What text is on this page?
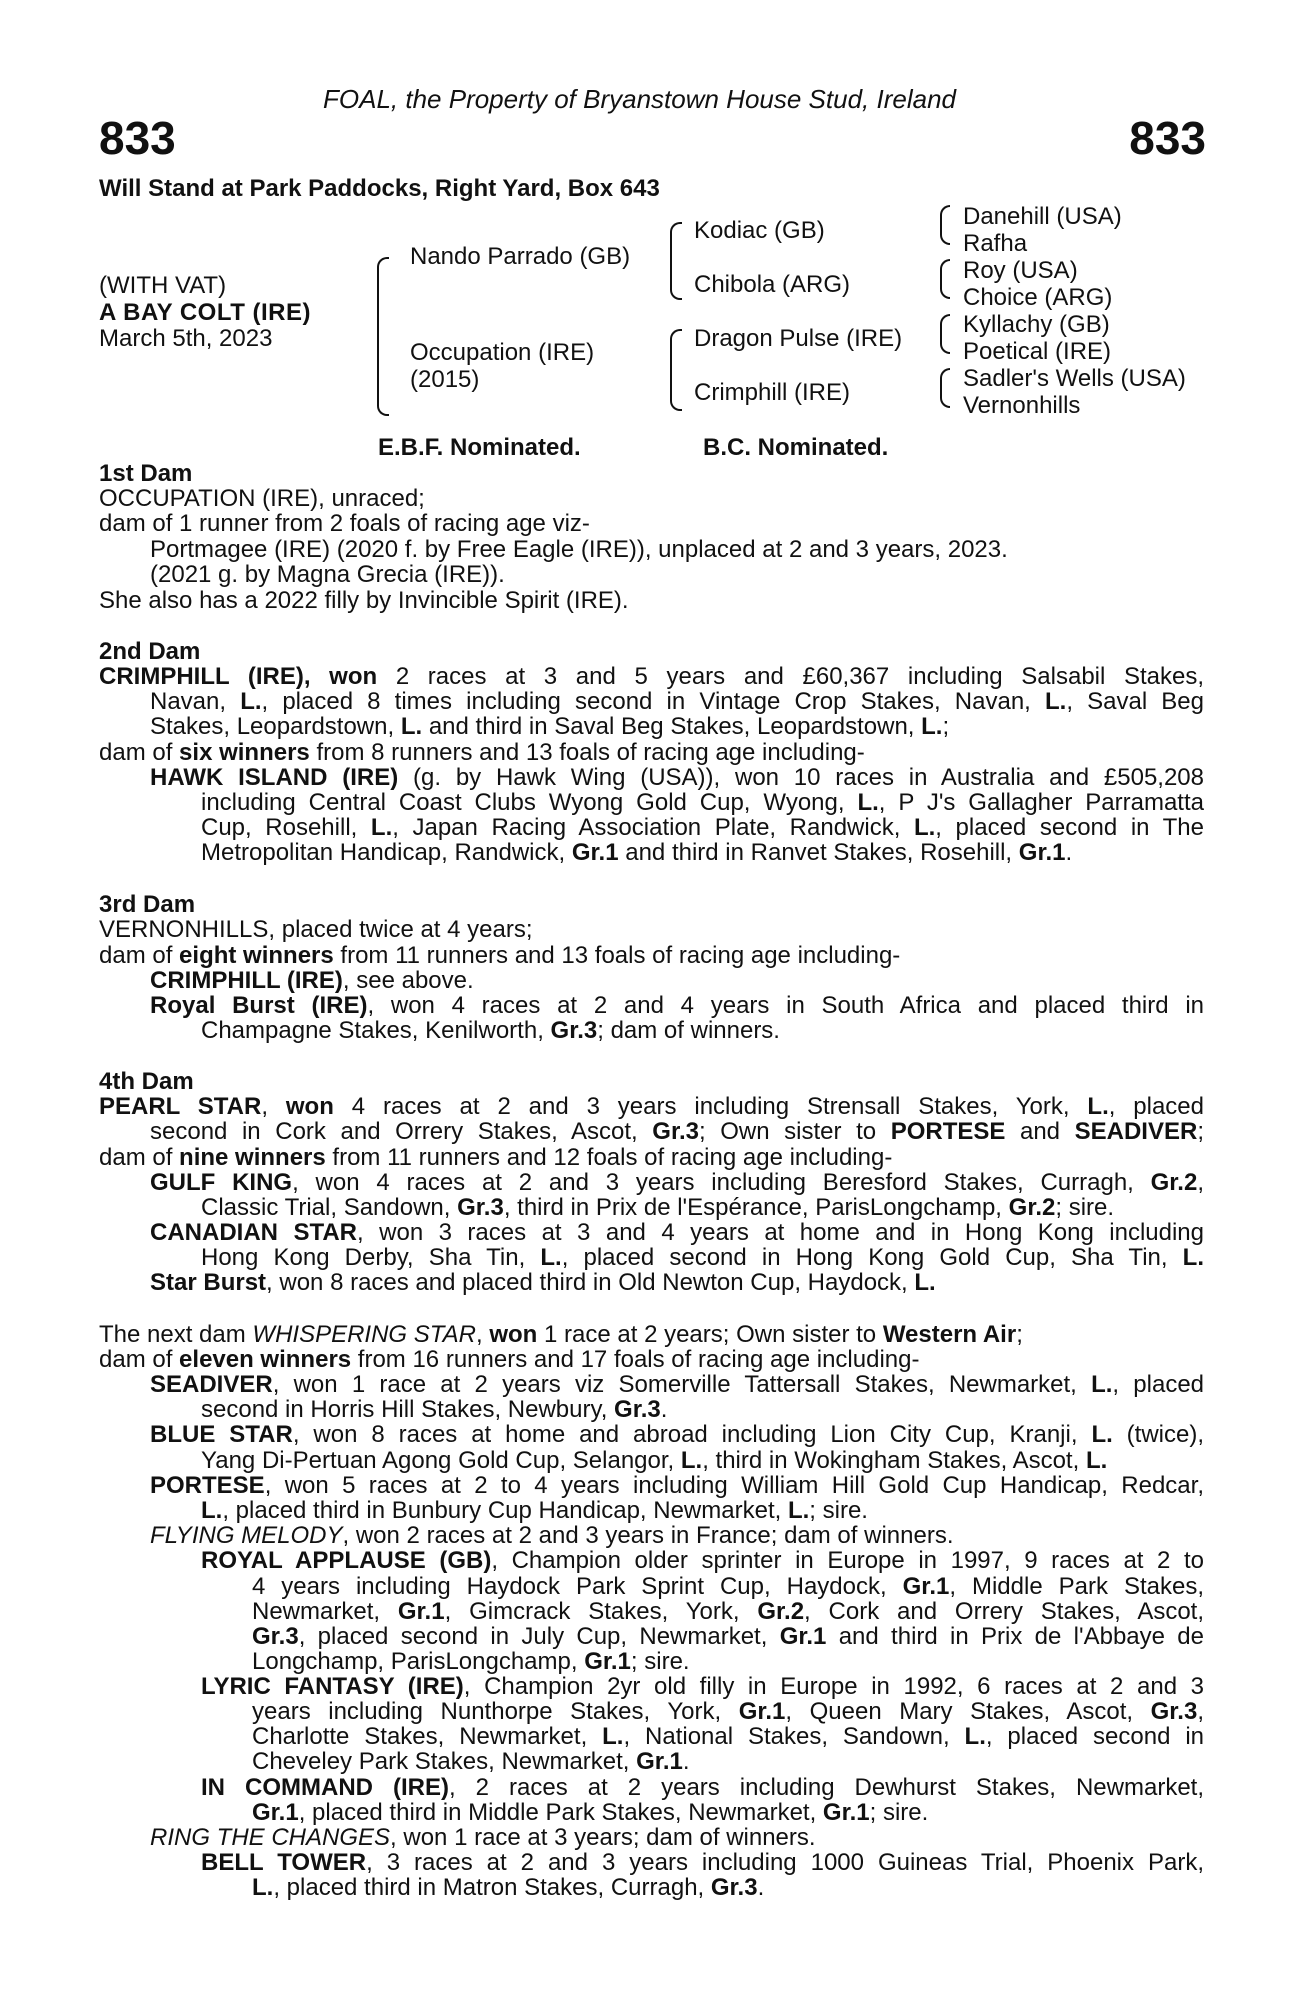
FOAL, the Property of Bryanstown House Stud, Ireland
833	833
Will Stand at Park Paddocks, Right Yard, Box 643
(WITH VAT)
A BAY COLT (IRE)
March 5th, 2023
Nando Parrado (GB)
Occupation (IRE)
(2015)
Kodiac (GB)
Chibola (ARG)
Dragon Pulse (IRE)
Crimphill (IRE)
Danehill (USA)
Rafha
Roy (USA)
Choice (ARG)
Kyllachy (GB)
Poetical (IRE)
Sadler's Wells (USA)
Vernonhills
E.B.F. Nominated.	B.C. Nominated.
1st Dam
OCCUPATION (IRE), unraced;
dam of 1 runner from 2 foals of racing age viz-
Portmagee (IRE) (2020 f. by Free Eagle (IRE)), unplaced at 2 and 3 years, 2023.
(2021 g. by Magna Grecia (IRE)).
She also has a 2022 filly by Invincible Spirit (IRE).
2nd Dam
CRIMPHILL (IRE), won 2 races at 3 and 5 years and £60,367 including Salsabil Stakes,
Navan, L., placed 8 times including second in Vintage Crop Stakes, Navan, L., Saval Beg
Stakes, Leopardstown, L. and third in Saval Beg Stakes, Leopardstown, L.;
dam of six winners from 8 runners and 13 foals of racing age including-
HAWK ISLAND (IRE) (g. by Hawk Wing (USA)), won 10 races in Australia and £505,208
including Central Coast Clubs Wyong Gold Cup, Wyong, L., P J's Gallagher Parramatta
Cup, Rosehill, L., Japan Racing Association Plate, Randwick, L., placed second in The
Metropolitan Handicap, Randwick, Gr.1 and third in Ranvet Stakes, Rosehill, Gr.1.
3rd Dam
VERNONHILLS, placed twice at 4 years;
dam of eight winners from 11 runners and 13 foals of racing age including-
CRIMPHILL (IRE), see above.
Royal Burst (IRE), won 4 races at 2 and 4 years in South Africa and placed third in
Champagne Stakes, Kenilworth, Gr.3; dam of winners.
4th Dam
PEARL STAR, won 4 races at 2 and 3 years including Strensall Stakes, York, L., placed
second in Cork and Orrery Stakes, Ascot, Gr.3; Own sister to PORTESE and SEADIVER;
dam of nine winners from 11 runners and 12 foals of racing age including-
GULF KING, won 4 races at 2 and 3 years including Beresford Stakes, Curragh, Gr.2,
Classic Trial, Sandown, Gr.3, third in Prix de l'Espérance, ParisLongchamp, Gr.2; sire.
CANADIAN STAR, won 3 races at 3 and 4 years at home and in Hong Kong including
Hong Kong Derby, Sha Tin, L., placed second in Hong Kong Gold Cup, Sha Tin, L.
Star Burst, won 8 races and placed third in Old Newton Cup, Haydock, L.
The next dam WHISPERING STAR, won 1 race at 2 years; Own sister to Western Air;
dam of eleven winners from 16 runners and 17 foals of racing age including-
SEADIVER, won 1 race at 2 years viz Somerville Tattersall Stakes, Newmarket, L., placed
second in Horris Hill Stakes, Newbury, Gr.3.
BLUE STAR, won 8 races at home and abroad including Lion City Cup, Kranji, L. (twice),
Yang Di-Pertuan Agong Gold Cup, Selangor, L., third in Wokingham Stakes, Ascot, L.
PORTESE, won 5 races at 2 to 4 years including William Hill Gold Cup Handicap, Redcar,
L., placed third in Bunbury Cup Handicap, Newmarket, L.; sire.
FLYING MELODY, won 2 races at 2 and 3 years in France; dam of winners.
ROYAL APPLAUSE (GB), Champion older sprinter in Europe in 1997, 9 races at 2 to
4 years including Haydock Park Sprint Cup, Haydock, Gr.1, Middle Park Stakes,
Newmarket, Gr.1, Gimcrack Stakes, York, Gr.2, Cork and Orrery Stakes, Ascot,
Gr.3, placed second in July Cup, Newmarket, Gr.1 and third in Prix de l'Abbaye de
Longchamp, ParisLongchamp, Gr.1; sire.
LYRIC FANTASY (IRE), Champion 2yr old filly in Europe in 1992, 6 races at 2 and 3
years including Nunthorpe Stakes, York, Gr.1, Queen Mary Stakes, Ascot, Gr.3,
Charlotte Stakes, Newmarket, L., National Stakes, Sandown, L., placed second in
Cheveley Park Stakes, Newmarket, Gr.1.
IN COMMAND (IRE), 2 races at 2 years including Dewhurst Stakes, Newmarket,
Gr.1, placed third in Middle Park Stakes, Newmarket, Gr.1; sire.
RING THE CHANGES, won 1 race at 3 years; dam of winners.
BELL TOWER, 3 races at 2 and 3 years including 1000 Guineas Trial, Phoenix Park,
L., placed third in Matron Stakes, Curragh, Gr.3.
